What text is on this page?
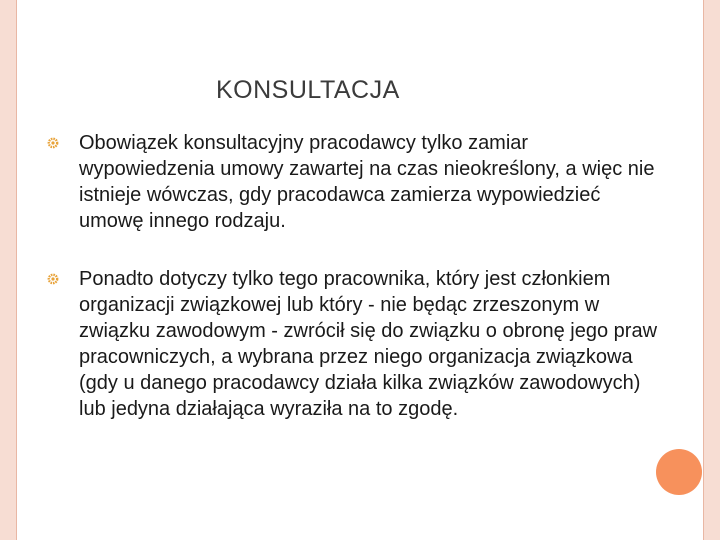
KONSULTACJA
Obowiązek konsultacyjny pracodawcy tylko zamiar wypowiedzenia umowy zawartej na czas nieokreślony, a więc nie istnieje wówczas, gdy pracodawca zamierza wypowiedzieć umowę innego rodzaju.
Ponadto dotyczy tylko tego pracownika, który jest członkiem organizacji związkowej lub który - nie będąc zrzeszonym w związku zawodowym - zwrócił się do związku o obronę jego praw pracowniczych, a wybrana przez niego organizacja związkowa (gdy u danego pracodawcy działa kilka związków zawodowych) lub jedyna działająca wyraziła na to zgodę.
